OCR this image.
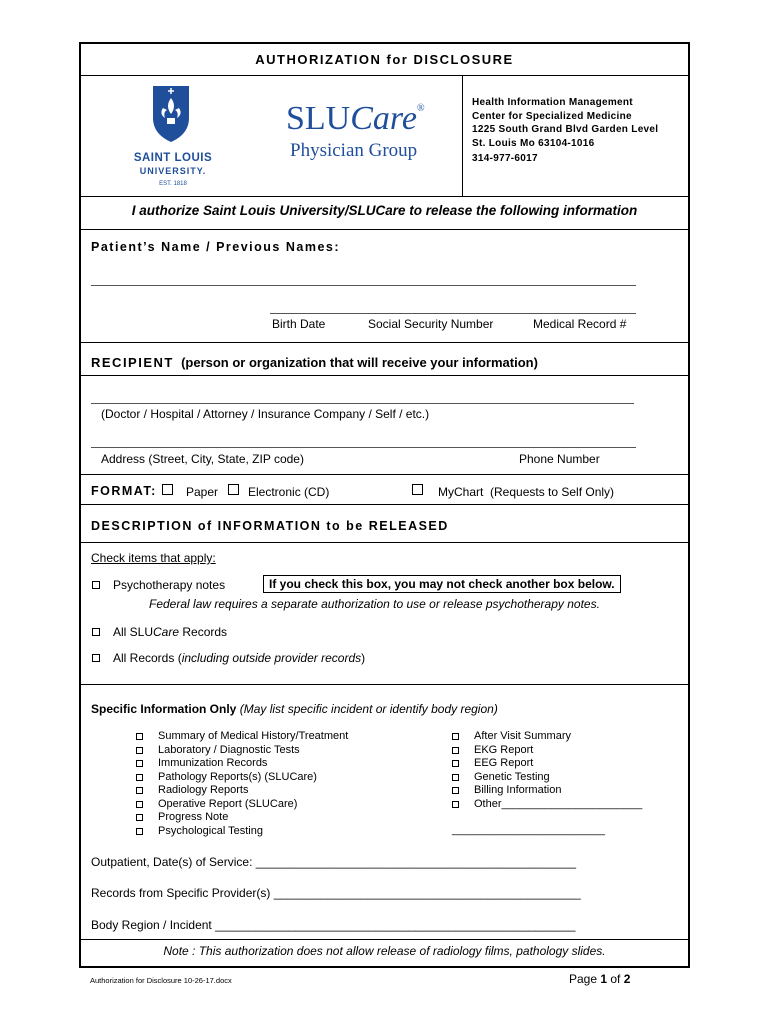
AUTHORIZATION for DISCLOSURE
SAINT LOUIS
UNIVERSITY.
EST. 1818
SLUCare®
Physician Group
Health Information Management
Center for Specialized Medicine
1225 South Grand Blvd Garden Level
St. Louis Mo 63104-1016
314-977-6017
I authorize Saint Louis University/SLUCare to release the following information
Patient’s Name / Previous Names:
Birth Date	Social Security Number	Medical Record #
RECIPIENT (person or organization that will receive your information)
(Doctor / Hospital / Attorney / Insurance Company / Self / etc.)
Address (Street, City, State, ZIP code)	Phone Number
FORMAT: Paper Electronic (CD)	MyChart  (Requests to Self Only)
DESCRIPTION of INFORMATION to be RELEASED
Check items that apply:
Psychotherapy notes	If you check this box, you may not check another box below.
Federal law requires a separate authorization to use or release psychotherapy notes.
All SLUCare Records
All Records (including outside provider records)
Specific Information Only (May list specific incident or identify body region)
Summary of Medical History/Treatment
Laboratory / Diagnostic Tests
Immunization Records
Pathology Reports(s) (SLUCare)
Radiology Reports
Operative Report (SLUCare)
Progress Note
Psychological Testing
After Visit Summary
EKG Report
EEG Report
Genetic Testing
Billing Information
Other_______________________
_________________________
Outpatient, Date(s) of Service: ________________________________________________
Records from Specific Provider(s) ______________________________________________
Body Region / Incident ______________________________________________________
Note : This authorization does not allow release of radiology films, pathology slides.
Authorization for Disclosure 10-26-17.docx	Page 1 of 2
